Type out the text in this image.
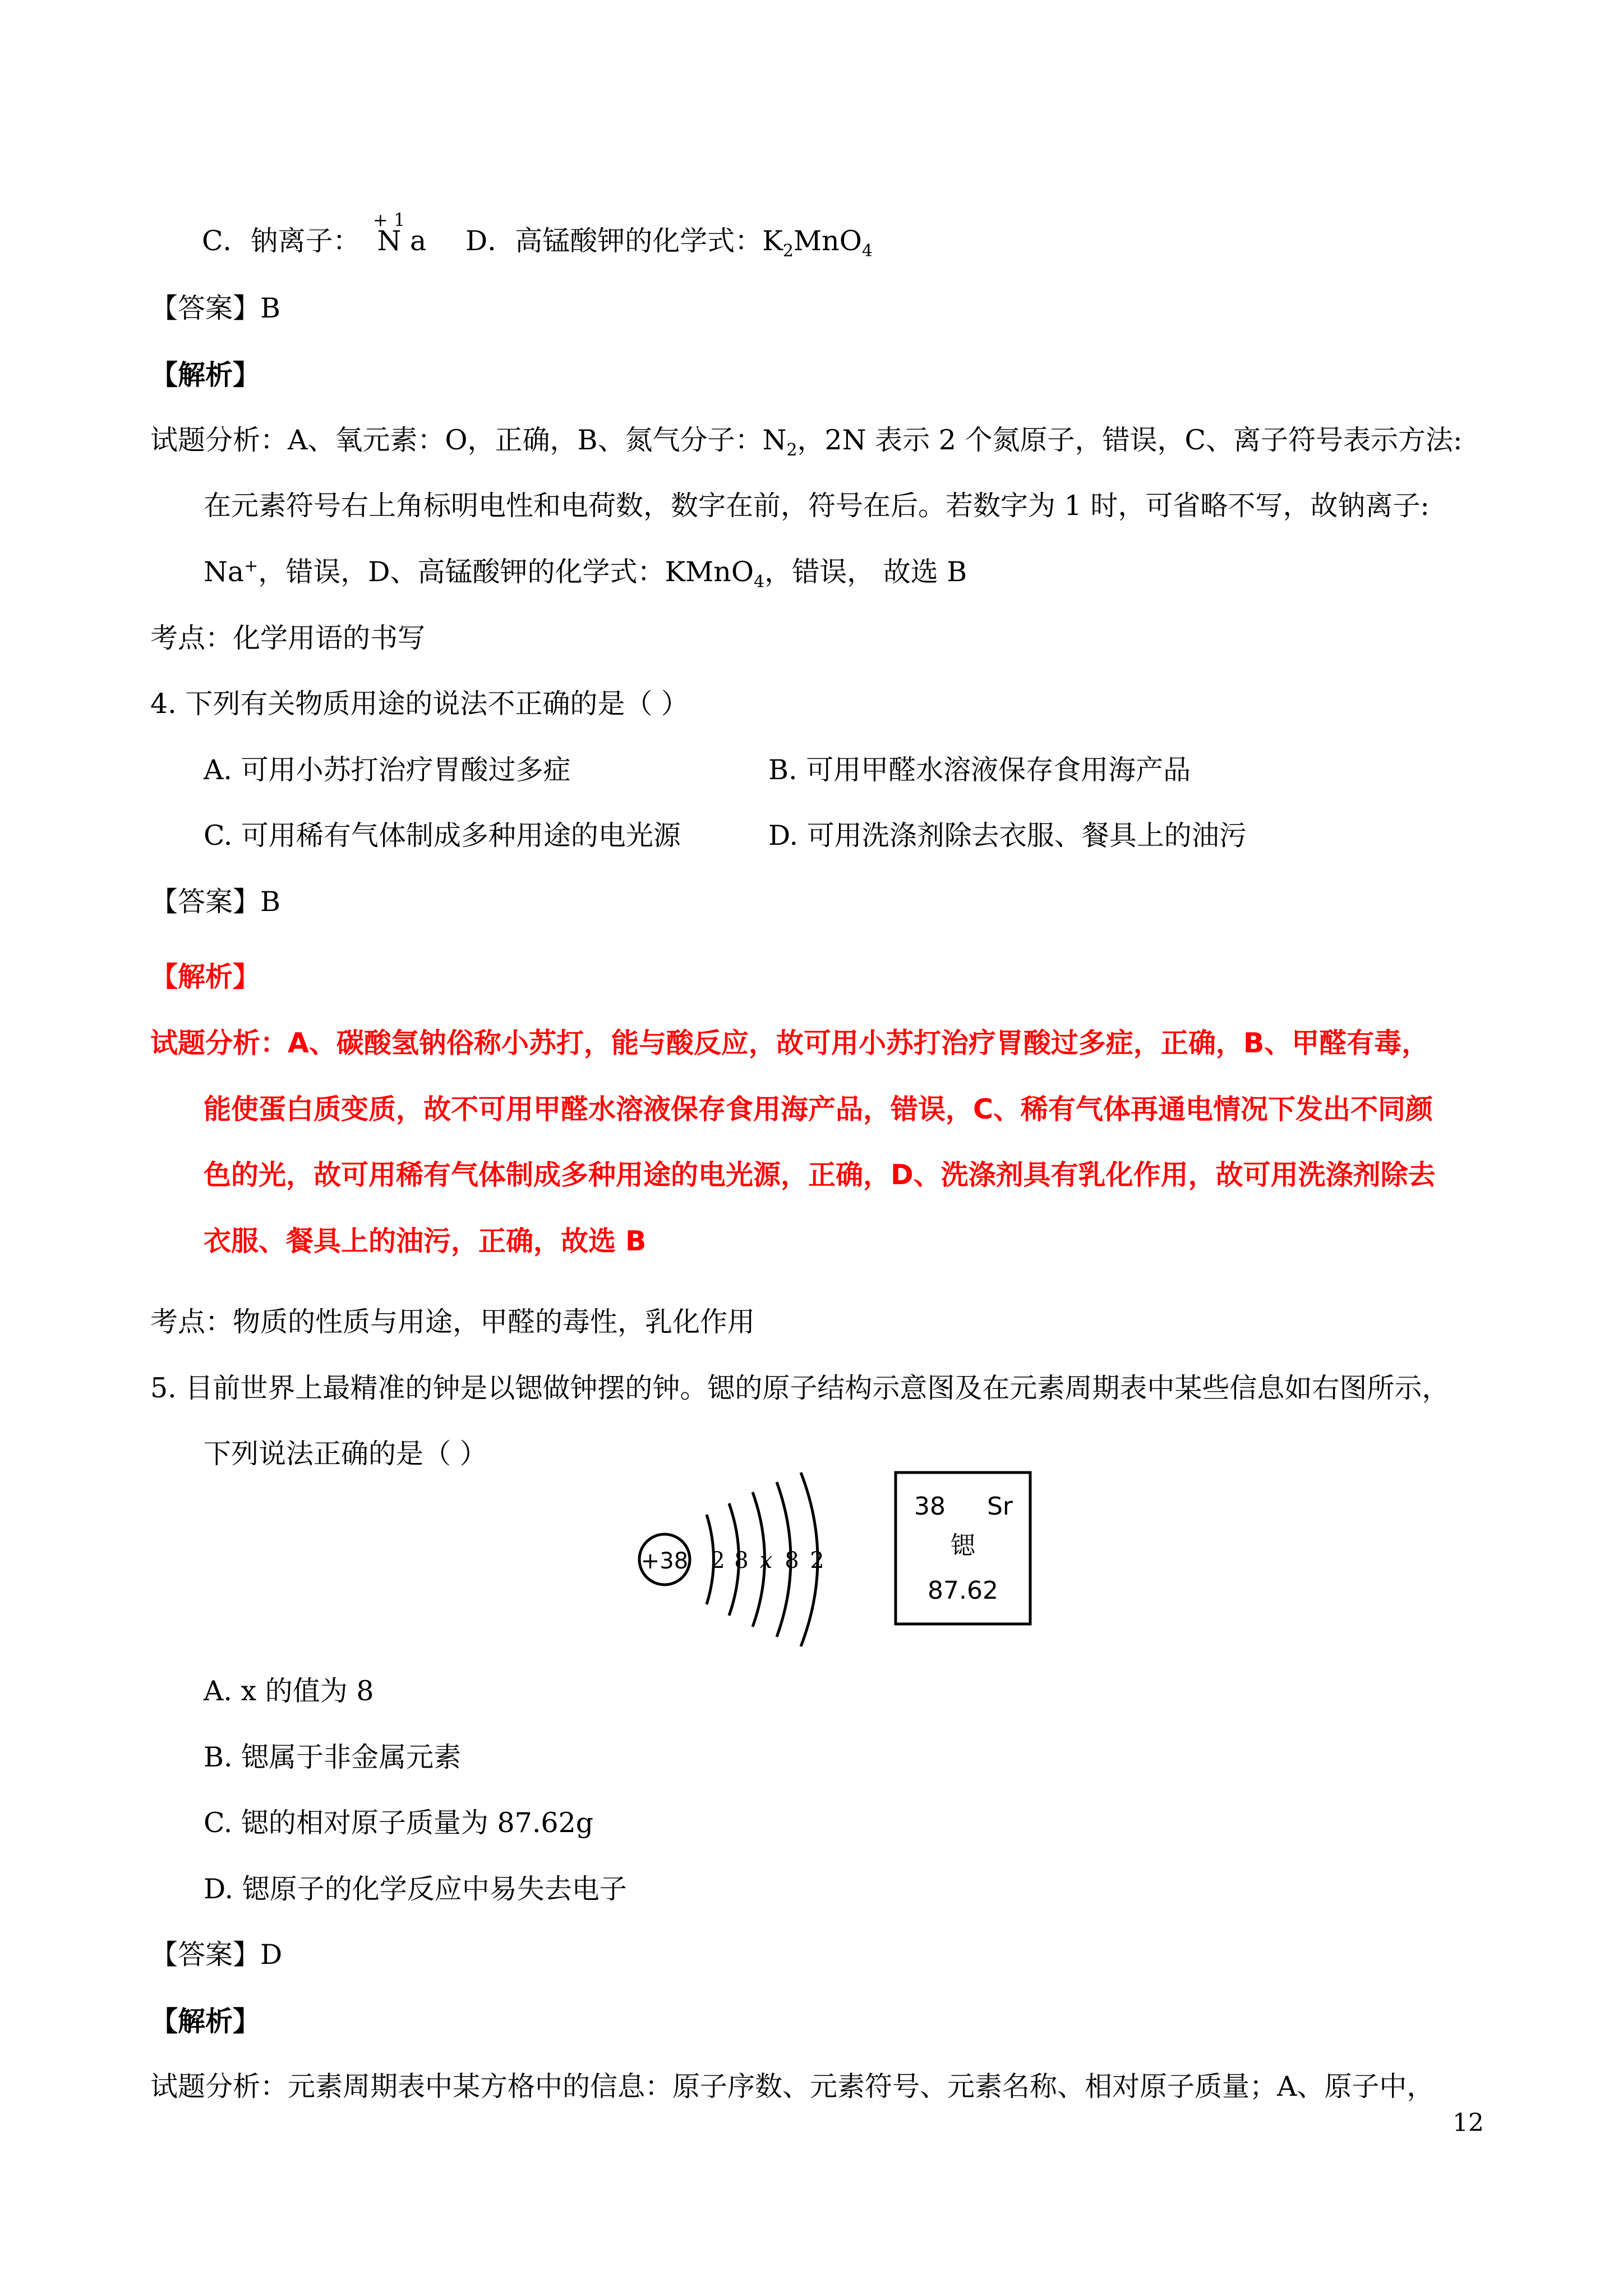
C．钠离子： N a
+ 1
D．高锰酸钾的化学式：$K_2MnO_4$
【答案】B
【解析】
试题分析：A、氧元素：O，正确，B、氮气分子：$N_2$，2N 表示 2 个氮原子，错误，C、离子符号表示方法:
在元素符号右上角标明电性和电荷数，数字在前，符号在后。若数字为 1 时，可省略不写，故钠离子:
Na+，错误，D、高锰酸钾的化学式：KMnO$_4$，错误， 故选 B
考点：化学用语的书写
4. 下列有关物质用途的说法不正确的是（ ）
A. 可用小苏打治疗胃酸过多症	B. 可用甲醛水溶液保存食用海产品
C. 可用稀有气体制成多种用途的电光源	D. 可用洗涤剂除去衣服、餐具上的油污
【答案】B
【解析】
试题分析：A、碳酸氢钠俗称小苏打，能与酸反应，故可用小苏打治疗胃酸过多症，正确，B、甲醛有毒，
能使蛋白质变质，故不可用甲醛水溶液保存食用海产品，错误，C、稀有气体再通电情况下发出不同颜
色的光，故可用稀有气体制成多种用途的电光源，正确，D、洗涤剂具有乳化作用，故可用洗涤剂除去
衣服、餐具上的油污，正确，故选 B
考点：物质的性质与用途，甲醛的毒性，乳化作用
5. 目前世界上最精准的钟是以锶做钟摆的钟。锶的原子结构示意图及在元素周期表中某些信息如右图所示，
下列说法正确的是（ ）
+38 2 8 x 8 2
38 Sr
锶
87.62
A. x 的值为 8
B. 锶属于非金属元素
C. 锶的相对原子质量为 87.62g
D. 锶原子的化学反应中易失去电子
【答案】D
【解析】
试题分析：元素周期表中某方格中的信息：原子序数、元素符号、元素名称、相对原子质量；A、原子中，
12
